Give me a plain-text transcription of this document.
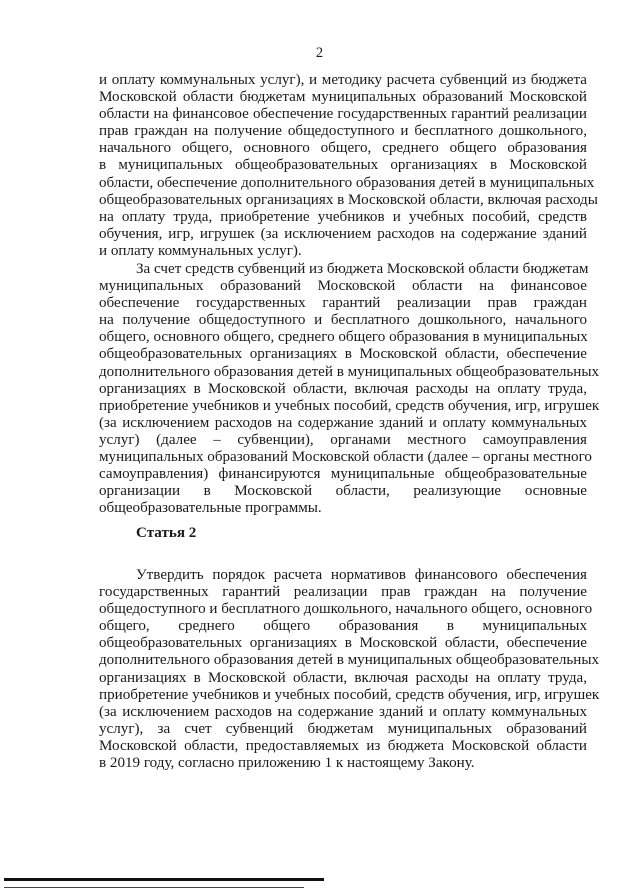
2
и оплату коммунальных услуг), и методику расчета субвенций из бюджета
Московской области бюджетам муниципальных образований Московской
области на финансовое обеспечение государственных гарантий реализации
прав граждан на получение общедоступного и бесплатного дошкольного,
начального общего, основного общего, среднего общего образования
в муниципальных общеобразовательных организациях в Московской
области, обеспечение дополнительного образования детей в муниципальных
общеобразовательных организациях в Московской области, включая расходы
на оплату труда, приобретение учебников и учебных пособий, средств
обучения, игр, игрушек (за исключением расходов на содержание зданий
и оплату коммунальных услуг).
За счет средств субвенций из бюджета Московской области бюджетам
муниципальных образований Московской области на финансовое
обеспечение государственных гарантий реализации прав граждан
на получение общедоступного и бесплатного дошкольного, начального
общего, основного общего, среднего общего образования в муниципальных
общеобразовательных организациях в Московской области, обеспечение
дополнительного образования детей в муниципальных общеобразовательных
организациях в Московской области, включая расходы на оплату труда,
приобретение учебников и учебных пособий, средств обучения, игр, игрушек
(за исключением расходов на содержание зданий и оплату коммунальных
услуг) (далее – субвенции), органами местного самоуправления
муниципальных образований Московской области (далее – органы местного
самоуправления) финансируются муниципальные общеобразовательные
организации в Московской области, реализующие основные
общеобразовательные программы.
Статья 2
Утвердить порядок расчета нормативов финансового обеспечения
государственных гарантий реализации прав граждан на получение
общедоступного и бесплатного дошкольного, начального общего, основного
общего, среднего общего образования в муниципальных
общеобразовательных организациях в Московской области, обеспечение
дополнительного образования детей в муниципальных общеобразовательных
организациях в Московской области, включая расходы на оплату труда,
приобретение учебников и учебных пособий, средств обучения, игр, игрушек
(за исключением расходов на содержание зданий и оплату коммунальных
услуг), за счет субвенций бюджетам муниципальных образований
Московской области, предоставляемых из бюджета Московской области
в 2019 году, согласно приложению 1 к настоящему Закону.
